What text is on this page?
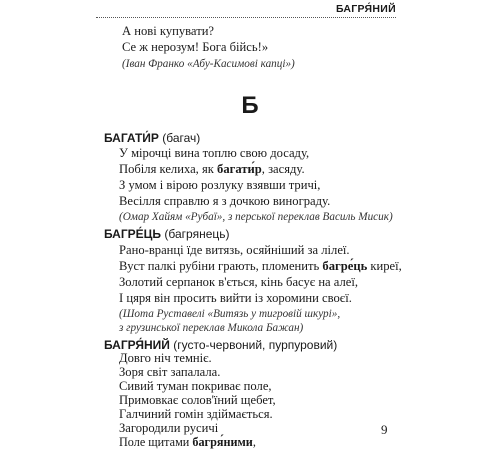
БАГРЯ́НИЙ
А нові купувати?
Се ж нерозум! Бога бійсь!»
(Іван Франко «Абу-Касимові капці»)
Б
БАГАТИ́Р (багач)
У мірочці вина топлю свою досаду,
Побіля келиха, як багати́р, засяду.
З умом і вірою розлуку взявши тричі,
Весілля справлю я з дочкою винограду.
(Омар Хайям «Рубаї», з перської переклав Василь Мисик)
БАГРЕ́ЦЬ (багрянець)
Рано-вранці їде витязь, осяйніший за лілеї.
Вуст палкі рубіни грають, пломенить багре́ць киреї,
Золотий серпанок в'ється, кінь басує на алеї,
І цяря він просить вийти із хоромини своєї.
(Шота Руставелі «Витязь у тигровій шкурі»,
з грузинської переклав Микола Бажан)
БАГРЯ́НИЙ (густо-червоний, пурпуровий)
Довго ніч темніє.
Зоря світ запалала.
Сивий туман покриває поле,
Примовкає солов'їний щебет,
Галчиний гомін здіймається.
Загородили русичі	9
Поле щитами багря́ними,
